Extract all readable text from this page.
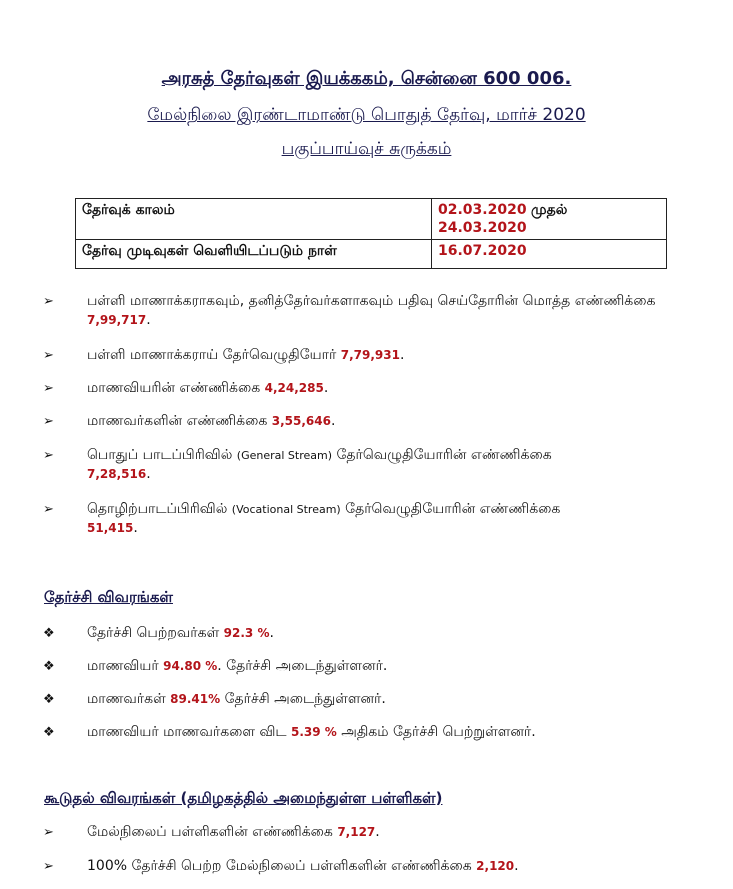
அரசுத் தேர்வுகள் இயக்ககம், சென்னை 600 006.
மேல்நிலை இரண்டாமாண்டு பொதுத் தேர்வு, மார்ச் 2020
பகுப்பாய்வுச் சுருக்கம்
தேர்வுக் காலம்	02.03.2020 முதல் 24.03.2020
தேர்வு முடிவுகள் வெளியிடப்படும் நாள்	16.07.2020
➢ பள்ளி மாணாக்கராகவும், தனித்தேர்வர்களாகவும் பதிவு செய்தோரின் மொத்த எண்ணிக்கை 7,99,717.
➢ பள்ளி மாணாக்கராய் தேர்வெழுதியோர் 7,79,931.
➢ மாணவியரின் எண்ணிக்கை 4,24,285.
➢ மாணவர்களின் எண்ணிக்கை 3,55,646.
➢ பொதுப் பாடப்பிரிவில் (General Stream) தேர்வெழுதியோரின் எண்ணிக்கை
7,28,516.
➢ தொழிற்பாடப்பிரிவில் (Vocational Stream) தேர்வெழுதியோரின் எண்ணிக்கை
51,415.
தேர்ச்சி விவரங்கள்
❖ தேர்ச்சி பெற்றவர்கள் 92.3 %.
❖ மாணவியர் 94.80 %. தேர்ச்சி அடைந்துள்ளனர்.
❖ மாணவர்கள் 89.41% தேர்ச்சி அடைந்துள்ளனர்.
❖ மாணவியர் மாணவர்களை விட 5.39 % அதிகம் தேர்ச்சி பெற்றுள்ளனர்.
கூடுதல் விவரங்கள் (தமிழகத்தில் அமைந்துள்ள பள்ளிகள்)
➢ மேல்நிலைப் பள்ளிகளின் எண்ணிக்கை 7,127.
➢ 100% தேர்ச்சி பெற்ற மேல்நிலைப் பள்ளிகளின் எண்ணிக்கை 2,120.
